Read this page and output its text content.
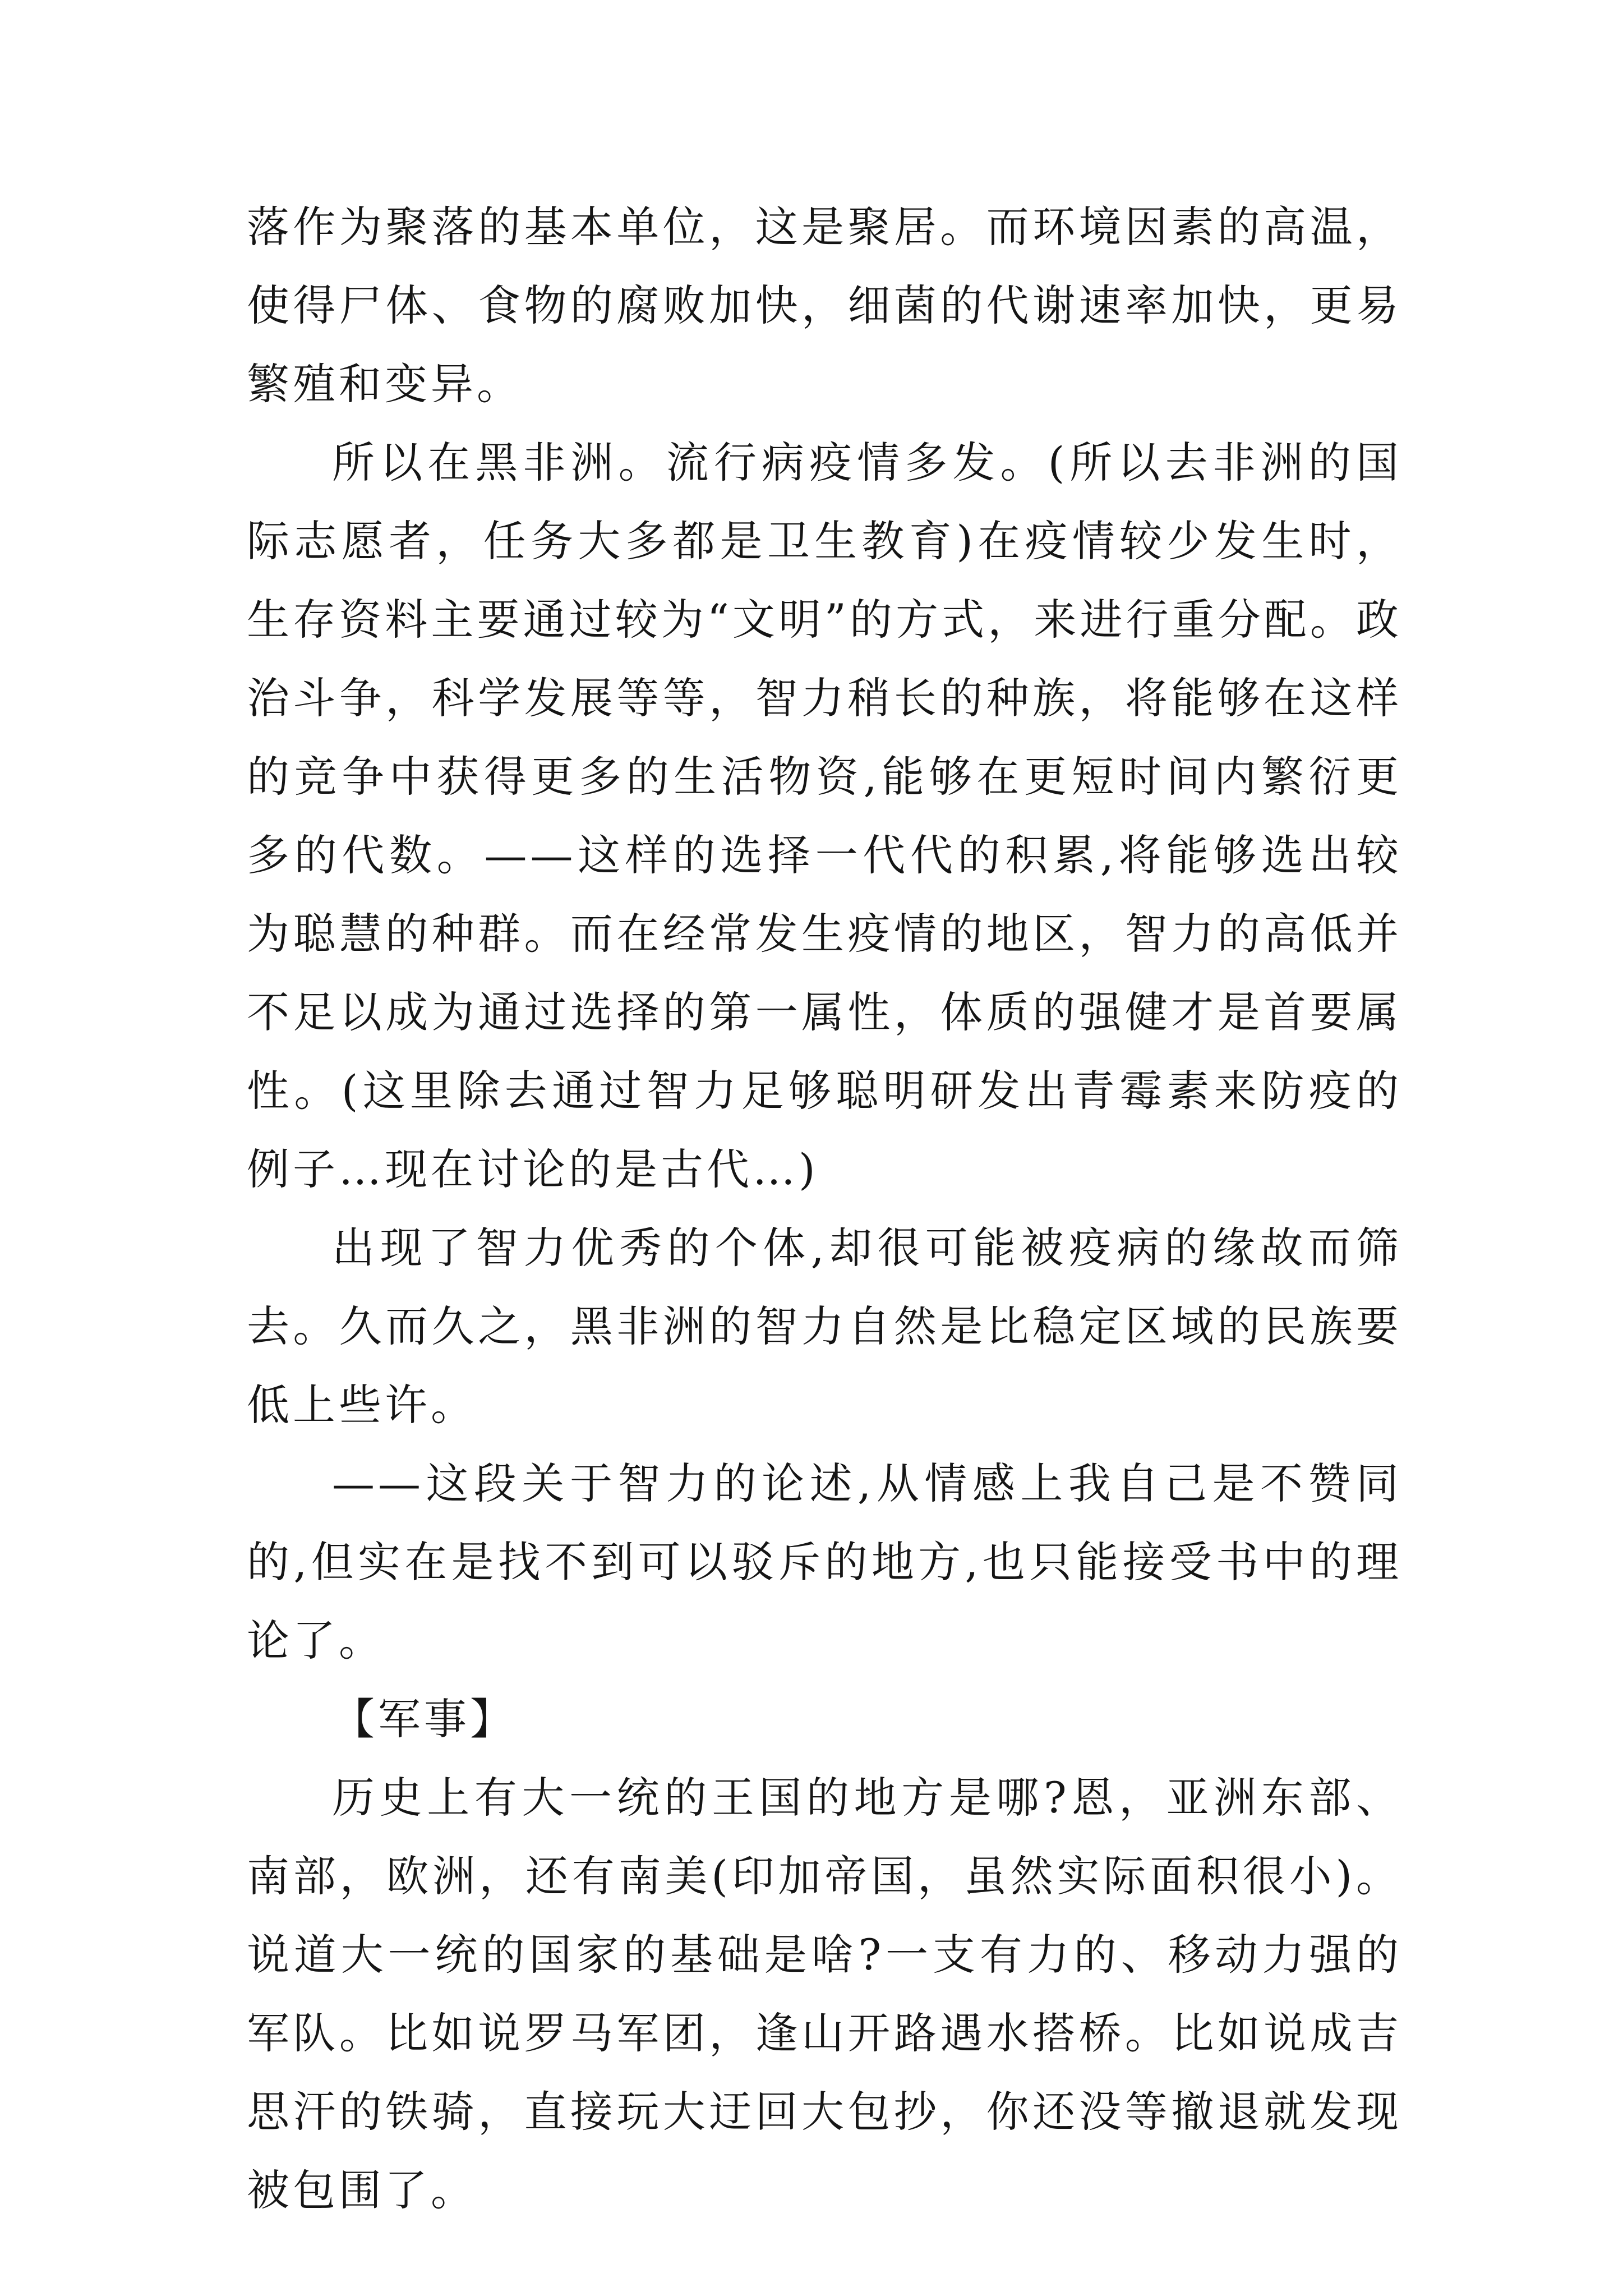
落作为聚落的基本单位，这是聚居。而环境因素的高温，使得尸体、食物的腐败加快，细菌的代谢速率加快，更易繁殖和变异。

所以在黑非洲。流行病疫情多发。(所以去非洲的国际志愿者，任务大多都是卫生教育)在疫情较少发生时，生存资料主要通过较为“文明”的方式，来进行重分配。政治斗争，科学发展等等，智力稍长的种族，将能够在这样的竞争中获得更多的生活物资,能够在更短时间内繁衍更多的代数。——这样的选择一代代的积累,将能够选出较为聪慧的种群。而在经常发生疫情的地区，智力的高低并不足以成为通过选择的第一属性，体质的强健才是首要属性。(这里除去通过智力足够聪明研发出青霉素来防疫的例子…现在讨论的是古代…)

出现了智力优秀的个体,却很可能被疫病的缘故而筛去。久而久之，黑非洲的智力自然是比稳定区域的民族要低上些许。

——这段关于智力的论述,从情感上我自己是不赞同的,但实在是找不到可以驳斥的地方,也只能接受书中的理论了。

【军事】

历史上有大一统的王国的地方是哪?恩，亚洲东部、南部，欧洲，还有南美(印加帝国，虽然实际面积很小)。说道大一统的国家的基础是啥?一支有力的、移动力强的军队。比如说罗马军团，逢山开路遇水搭桥。比如说成吉思汗的铁骑，直接玩大迂回大包抄，你还没等撤退就发现被包围了。
